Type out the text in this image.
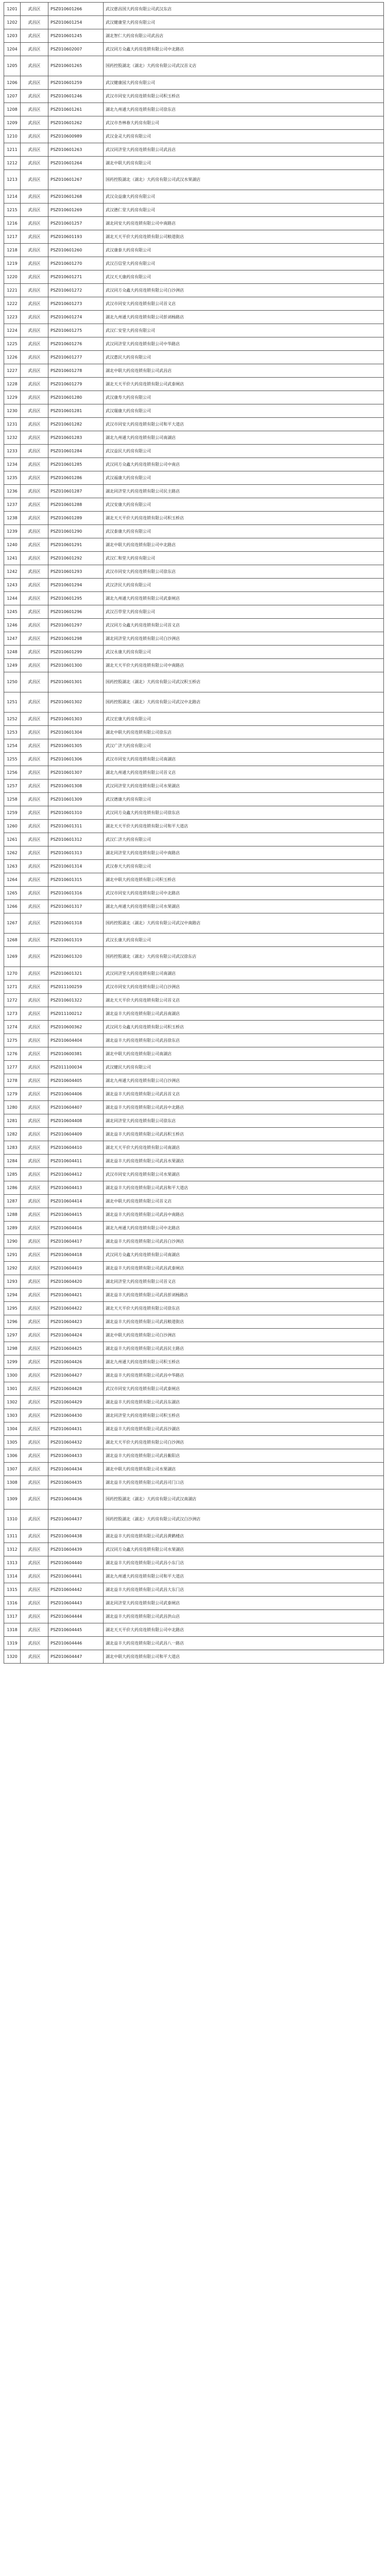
1201	武昌区	PSZ010601266	武汉慈昌国大药房有限公司武汉东店
1202	武昌区	PSZ010601254	武汉健康堂大药房有限公司
1203	武昌区	PSZ010601245	湖北智仁大药房有限公司武昌店
1204	武昌区	PSZ010602007	武汉同方众鑫大药房连锁有限公司中北路店
1205	武昌区	PSZ010601265	国药控股湖北（湖北）大药房有限公司武汉首义店
1206	武昌区	PSZ010601259	武汉健康园大药房有限公司
1207	武昌区	PSZ010601246	武汉市同安大药房连锁有限公司积玉桥店
1208	武昌区	PSZ010601261	湖北九州通大药房连锁有限公司徐东店
1209	武昌区	PSZ010601262	武汉市杏林春大药房有限公司
1210	武昌区	PSZ010600989	武汉金灵大药房有限公司
1211	武昌区	PSZ010601263	武汉同济堂大药房连锁有限公司武昌店
1212	武昌区	PSZ010601264	湖北中联大药房有限公司
1213	武昌区	PSZ010601267	国药控股湖北（湖北）大药房有限公司武汉水果湖店
1214	武昌区	PSZ010601268	武汉众益康大药房有限公司
1215	武昌区	PSZ010601269	武汉德仁堂大药房有限公司
1216	武昌区	PSZ010601257	湖北同安大药房连锁有限公司中南路店
1217	武昌区	PSZ010601193	湖北天天平价大药房连锁有限公司粮道街店
1218	武昌区	PSZ010601260	武汉康泰大药房有限公司
1219	武昌区	PSZ010601270	武汉百信堂大药房有限公司
1220	武昌区	PSZ010601271	武汉天天康药房有限公司
1221	武昌区	PSZ010601272	武汉同方众鑫大药房连锁有限公司白沙洲店
1222	武昌区	PSZ010601273	武汉市同安大药房连锁有限公司首义店
1223	武昌区	PSZ010601274	湖北九州通大药房连锁有限公司彭刘杨路店
1224	武昌区	PSZ010601275	武汉仁安堂大药房有限公司
1225	武昌区	PSZ010601276	武汉同济堂大药房连锁有限公司中华路店
1226	武昌区	PSZ010601277	武汉惠民大药房有限公司
1227	武昌区	PSZ010601278	湖北中联大药房连锁有限公司武昌店
1228	武昌区	PSZ010601279	湖北天天平价大药房连锁有限公司武泰闸店
1229	武昌区	PSZ010601280	武汉康寿大药房有限公司
1230	武昌区	PSZ010601281	武汉瑞康大药房有限公司
1231	武昌区	PSZ010601282	武汉市同安大药房连锁有限公司和平大道店
1232	武昌区	PSZ010601283	湖北九州通大药房连锁有限公司南湖店
1233	武昌区	PSZ010601284	武汉益民大药房有限公司
1234	武昌区	PSZ010601285	武汉同方众鑫大药房连锁有限公司中南店
1235	武昌区	PSZ010601286	武汉福康大药房有限公司
1236	武昌区	PSZ010601287	湖北同济堂大药房连锁有限公司民主路店
1237	武昌区	PSZ010601288	武汉安康大药房有限公司
1238	武昌区	PSZ010601289	湖北天天平价大药房连锁有限公司积玉桥店
1239	武昌区	PSZ010601290	武汉泰康大药房有限公司
1240	武昌区	PSZ010601291	湖北中联大药房连锁有限公司中北路店
1241	武昌区	PSZ010601292	武汉仁和堂大药房有限公司
1242	武昌区	PSZ010601293	武汉市同安大药房连锁有限公司徐东店
1243	武昌区	PSZ010601294	武汉济民大药房有限公司
1244	武昌区	PSZ010601295	湖北九州通大药房连锁有限公司武泰闸店
1245	武昌区	PSZ010601296	武汉百草堂大药房有限公司
1246	武昌区	PSZ010601297	武汉同方众鑫大药房连锁有限公司首义店
1247	武昌区	PSZ010601298	湖北同济堂大药房连锁有限公司白沙洲店
1248	武昌区	PSZ010601299	武汉永康大药房有限公司
1249	武昌区	PSZ010601300	湖北天天平价大药房连锁有限公司中南路店
1250	武昌区	PSZ010601301	国药控股湖北（湖北）大药房有限公司武汉积玉桥店
1251	武昌区	PSZ010601302	国药控股湖北（湖北）大药房有限公司武汉中北路店
1252	武昌区	PSZ010601303	武汉宏康大药房有限公司
1253	武昌区	PSZ010601304	湖北中联大药房连锁有限公司徐东店
1254	武昌区	PSZ010601305	武汉广济大药房有限公司
1255	武昌区	PSZ010601306	武汉市同安大药房连锁有限公司南湖店
1256	武昌区	PSZ010601307	湖北九州通大药房连锁有限公司首义店
1257	武昌区	PSZ010601308	武汉同济堂大药房连锁有限公司水果湖店
1258	武昌区	PSZ010601309	武汉德康大药房有限公司
1259	武昌区	PSZ010601310	武汉同方众鑫大药房连锁有限公司徐东店
1260	武昌区	PSZ010601311	湖北天天平价大药房连锁有限公司和平大道店
1261	武昌区	PSZ010601312	武汉仁济大药房有限公司
1262	武昌区	PSZ010601313	湖北同济堂大药房连锁有限公司中南路店
1263	武昌区	PSZ010601314	武汉春天大药房有限公司
1264	武昌区	PSZ010601315	湖北中联大药房连锁有限公司积玉桥店
1265	武昌区	PSZ010601316	武汉市同安大药房连锁有限公司中北路店
1266	武昌区	PSZ010601317	湖北九州通大药房连锁有限公司水果湖店
1267	武昌区	PSZ010601318	国药控股湖北（湖北）大药房有限公司武汉中南路店
1268	武昌区	PSZ010601319	武汉长康大药房有限公司
1269	武昌区	PSZ010601320	国药控股湖北（湖北）大药房有限公司武汉徐东店
1270	武昌区	PSZ010601321	武汉同济堂大药房连锁有限公司南湖店
1271	武昌区	PSZ011100259	武汉市同安大药房连锁有限公司白沙洲店
1272	武昌区	PSZ010601322	湖北天天平价大药房连锁有限公司首义店
1273	武昌区	PSZ011100212	湖北益丰大药房连锁有限公司武昌南湖店
1274	武昌区	PSZ010600362	武汉同方众鑫大药房连锁有限公司积玉桥店
1275	武昌区	PSZ010604404	湖北益丰大药房连锁有限公司武昌徐东店
1276	武昌区	PSZ010600381	湖北中联大药房连锁有限公司南湖店
1277	武昌区	PSZ011100034	武汉健民大药房有限公司
1278	武昌区	PSZ010604405	湖北九州通大药房连锁有限公司白沙洲店
1279	武昌区	PSZ010604406	湖北益丰大药房连锁有限公司武昌首义店
1280	武昌区	PSZ010604407	湖北益丰大药房连锁有限公司武昌中北路店
1281	武昌区	PSZ010604408	湖北同济堂大药房连锁有限公司徐东店
1282	武昌区	PSZ010604409	湖北益丰大药房连锁有限公司武昌积玉桥店
1283	武昌区	PSZ010604410	湖北天天平价大药房连锁有限公司南湖店
1284	武昌区	PSZ010604411	湖北益丰大药房连锁有限公司武昌水果湖店
1285	武昌区	PSZ010604412	武汉市同安大药房连锁有限公司水果湖店
1286	武昌区	PSZ010604413	湖北益丰大药房连锁有限公司武昌和平大道店
1287	武昌区	PSZ010604414	湖北中联大药房连锁有限公司首义店
1288	武昌区	PSZ010604415	湖北益丰大药房连锁有限公司武昌中南路店
1289	武昌区	PSZ010604416	湖北九州通大药房连锁有限公司中北路店
1290	武昌区	PSZ010604417	湖北益丰大药房连锁有限公司武昌白沙洲店
1291	武昌区	PSZ010604418	武汉同方众鑫大药房连锁有限公司南湖店
1292	武昌区	PSZ010604419	湖北益丰大药房连锁有限公司武昌武泰闸店
1293	武昌区	PSZ010604420	湖北同济堂大药房连锁有限公司首义店
1294	武昌区	PSZ010604421	湖北益丰大药房连锁有限公司武昌彭刘杨路店
1295	武昌区	PSZ010604422	湖北天天平价大药房连锁有限公司徐东店
1296	武昌区	PSZ010604423	湖北益丰大药房连锁有限公司武昌粮道街店
1297	武昌区	PSZ010604424	湖北中联大药房连锁有限公司白沙洲店
1298	武昌区	PSZ010604425	湖北益丰大药房连锁有限公司武昌民主路店
1299	武昌区	PSZ010604426	湖北九州通大药房连锁有限公司积玉桥店
1300	武昌区	PSZ010604427	湖北益丰大药房连锁有限公司武昌中华路店
1301	武昌区	PSZ010604428	武汉市同安大药房连锁有限公司武泰闸店
1302	武昌区	PSZ010604429	湖北益丰大药房连锁有限公司武昌东湖店
1303	武昌区	PSZ010604430	湖北同济堂大药房连锁有限公司积玉桥店
1304	武昌区	PSZ010604431	湖北益丰大药房连锁有限公司武昌沙湖店
1305	武昌区	PSZ010604432	湖北天天平价大药房连锁有限公司白沙洲店
1306	武昌区	PSZ010604433	湖北益丰大药房连锁有限公司武昌紫阳店
1307	武昌区	PSZ010604434	湖北中联大药房连锁有限公司水果湖店
1308	武昌区	PSZ010604435	湖北益丰大药房连锁有限公司武昌司门口店
1309	武昌区	PSZ010604436	国药控股湖北（湖北）大药房有限公司武汉南湖店
1310	武昌区	PSZ010604437	国药控股湖北（湖北）大药房有限公司武汉白沙洲店
1311	武昌区	PSZ010604438	湖北益丰大药房连锁有限公司武昌黄鹤楼店
1312	武昌区	PSZ010604439	武汉同方众鑫大药房连锁有限公司水果湖店
1313	武昌区	PSZ010604440	湖北益丰大药房连锁有限公司武昌小东门店
1314	武昌区	PSZ010604441	湖北九州通大药房连锁有限公司和平大道店
1315	武昌区	PSZ010604442	湖北益丰大药房连锁有限公司武昌大东门店
1316	武昌区	PSZ010604443	湖北同济堂大药房连锁有限公司武泰闸店
1317	武昌区	PSZ010604444	湖北益丰大药房连锁有限公司武昌洪山店
1318	武昌区	PSZ010604445	湖北天天平价大药房连锁有限公司中北路店
1319	武昌区	PSZ010604446	湖北益丰大药房连锁有限公司武昌八一路店
1320	武昌区	PSZ010604447	湖北中联大药房连锁有限公司和平大道店
